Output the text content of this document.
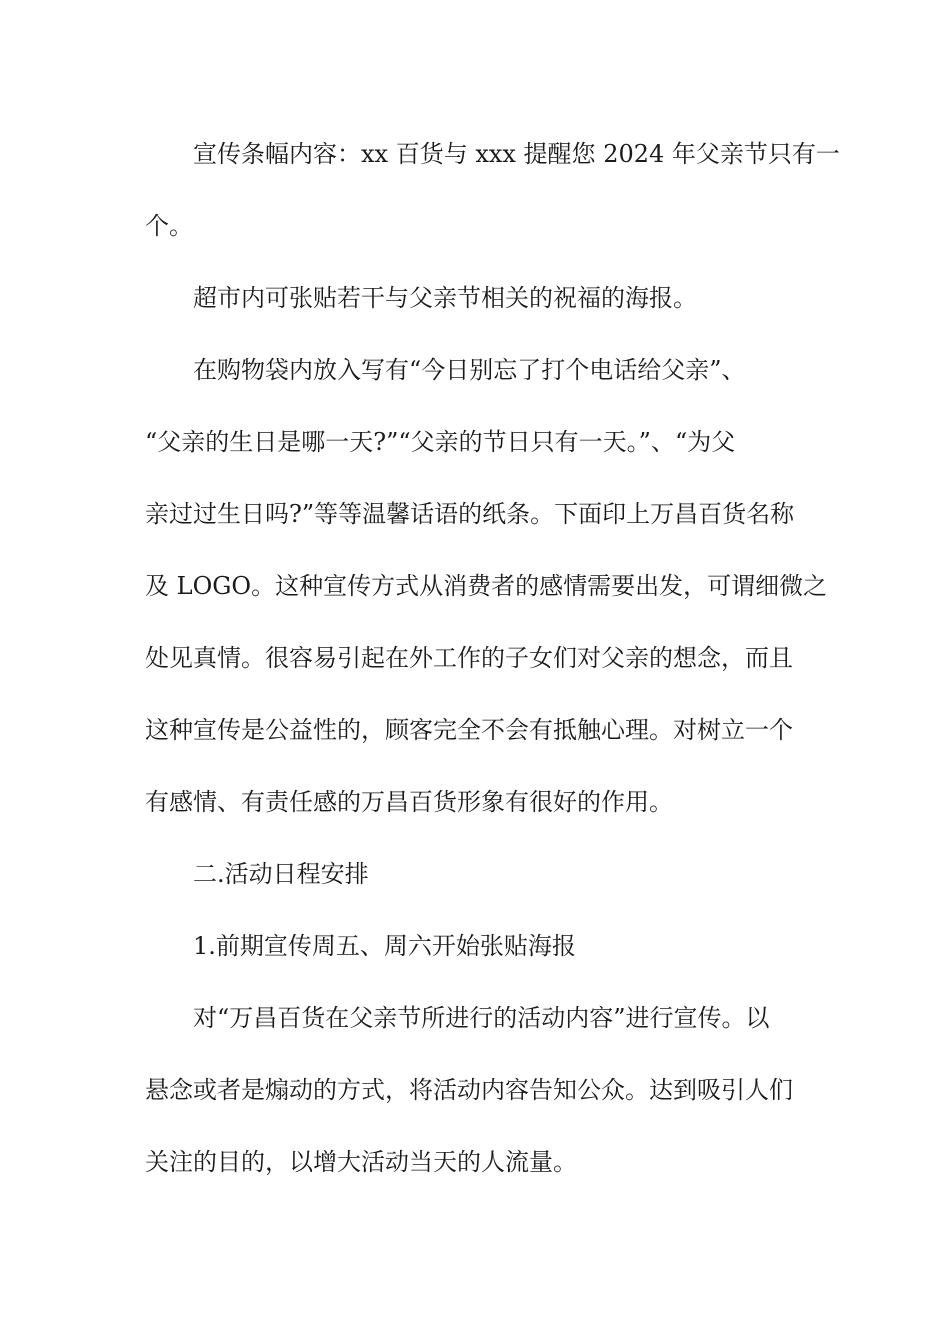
宣传条幅内容：xx 百货与 xxx 提醒您 2024 年父亲节只有一
个。
超市内可张贴若干与父亲节相关的祝福的海报。
在购物袋内放入写有“今日别忘了打个电话给父亲”、
“父亲的生日是哪一天?”“父亲的节日只有一天。”、“为父
亲过过生日吗?”等等温馨话语的纸条。下面印上万昌百货名称
及 LOGO。这种宣传方式从消费者的感情需要出发，可谓细微之
处见真情。很容易引起在外工作的子女们对父亲的想念，而且
这种宣传是公益性的，顾客完全不会有抵触心理。对树立一个
有感情、有责任感的万昌百货形象有很好的作用。
二.活动日程安排
1.前期宣传周五、周六开始张贴海报
对“万昌百货在父亲节所进行的活动内容”进行宣传。以
悬念或者是煽动的方式，将活动内容告知公众。达到吸引人们
关注的目的，以增大活动当天的人流量。
